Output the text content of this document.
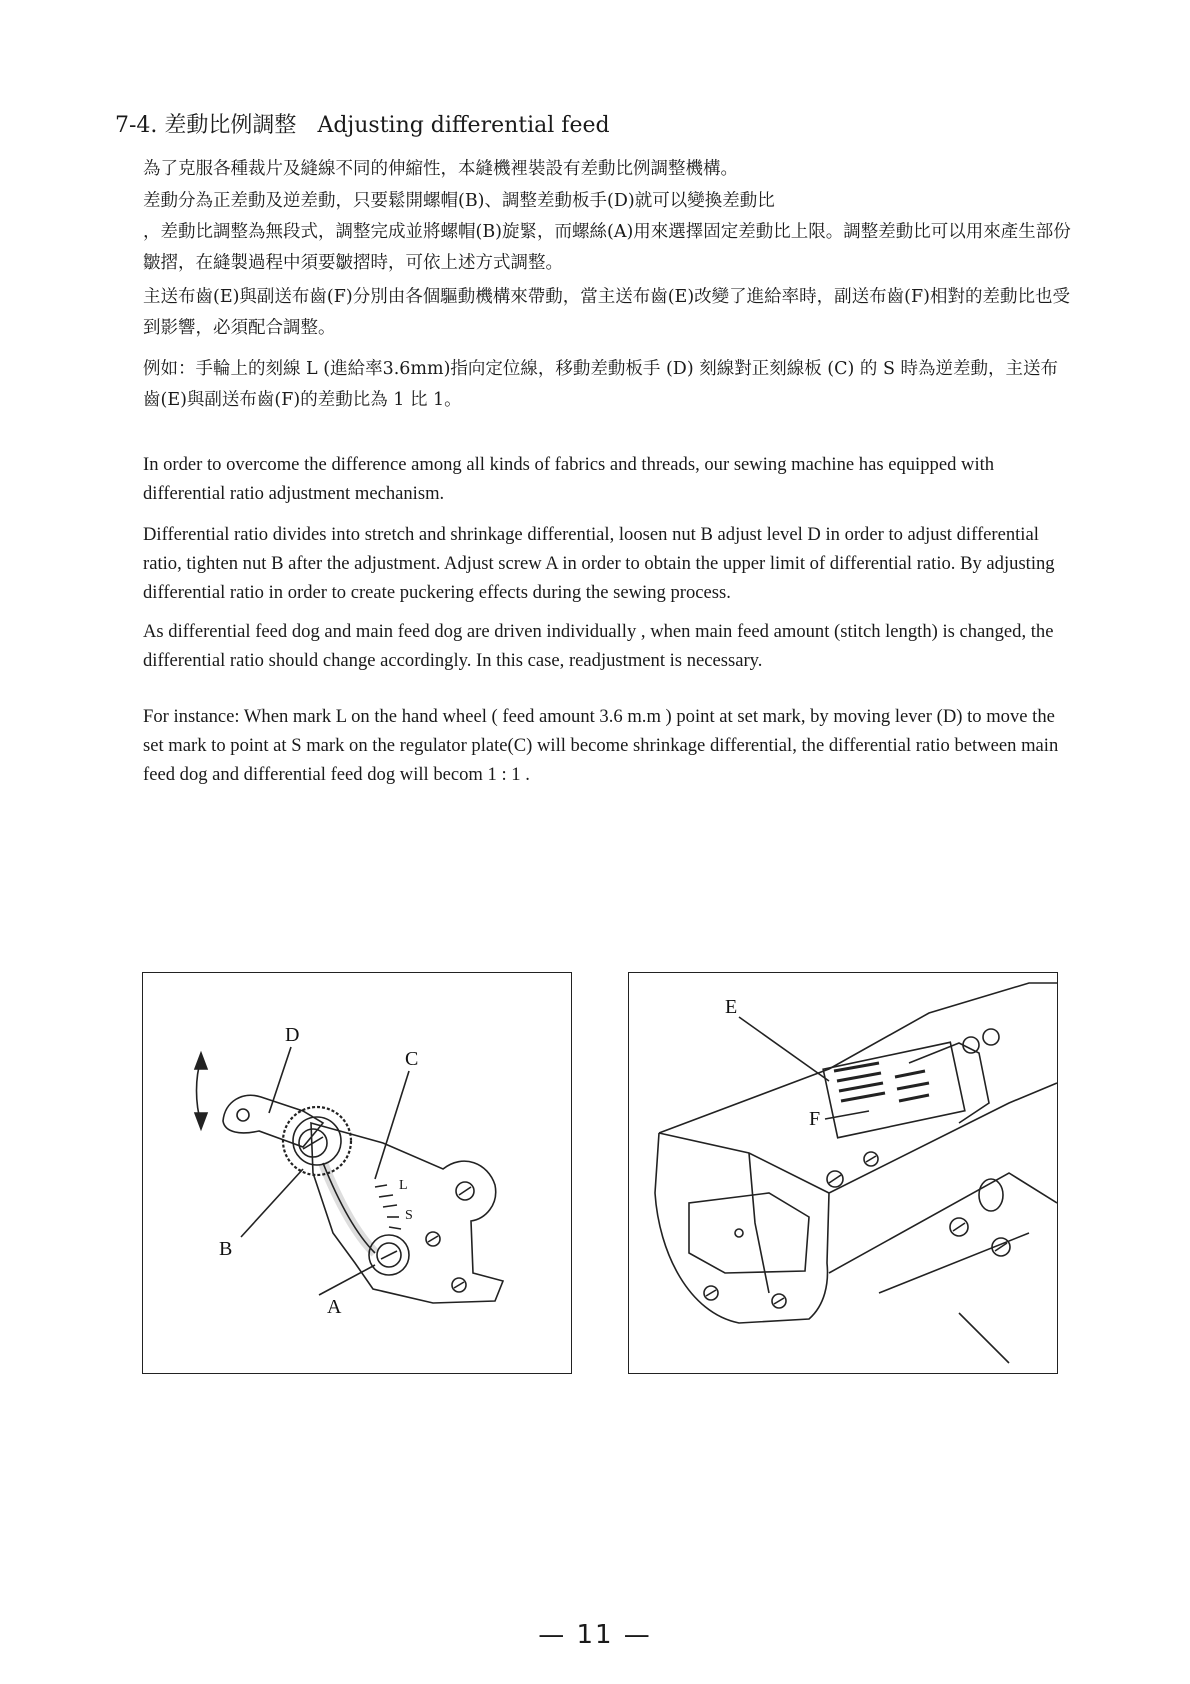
7-4. 差動比例調整 Adjusting differential feed

為了克服各種裁片及縫線不同的伸縮性，本縫機裡裝設有差動比例調整機構。

差動分為正差動及逆差動，只要鬆開螺帽(B)、調整差動板手(D)就可以變換差動比

，差動比調整為無段式，調整完成並將螺帽(B)旋緊，而螺絲(A)用來選擇固定差動比上限。調整差動比可以用來產生部份皺摺，在縫製過程中須要皺摺時，可依上述方式調整。

主送布齒(E)與副送布齒(F)分別由各個驅動機構來帶動，當主送布齒(E)改變了進給率時，副送布齒(F)相對的差動比也受到影響，必須配合調整。

例如：手輪上的刻線 L (進給率3.6mm)指向定位線，移動差動板手 (D) 刻線對正刻線板 (C) 的 S 時為逆差動，主送布齒(E)與副送布齒(F)的差動比為 1 比 1。

In order to overcome the difference among all kinds of fabrics and threads, our sewing machine has equipped with differential ratio adjustment mechanism.

Differential ratio divides into stretch and shrinkage differential, loosen nut B adjust level D in order to adjust differential ratio, tighten nut B after the adjustment. Adjust screw A in order to obtain the upper limit of differential ratio. By adjusting differential ratio in order to create puckering effects during the sewing process.

As differential feed dog and main feed dog are driven individually , when main feed amount (stitch length) is changed, the differential ratio should change accordingly. In this case, readjustment is necessary.

For instance: When mark L on the hand wheel ( feed amount 3.6 m.m ) point at set mark, by moving lever (D) to move the set mark to point at S mark on the regulator plate(C) will become shrinkage differential, the differential ratio between main feed dog and differential feed dog will becom 1 : 1 .

D
C
B
A
L
S
E
F
— 11 —
